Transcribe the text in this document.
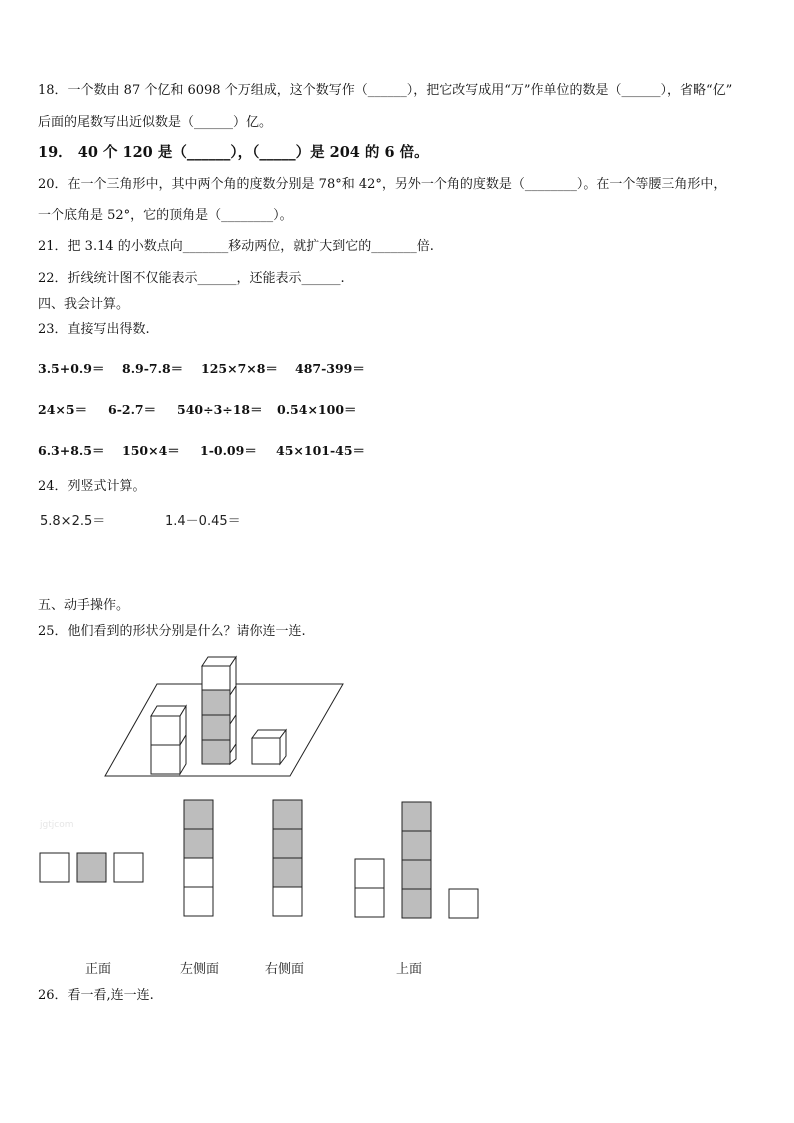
18．一个数由 87 个亿和 6098 个万组成，这个数写作（______），把它改写成用“万”作单位的数是（______），省略“亿”
后面的尾数写出近似数是（______）亿。
19． 40 个 120 是（______），（_____）是 204 的 6 倍。
20．在一个三角形中，其中两个角的度数分别是 78°和 42°，另外一个角的度数是（________）。在一个等腰三角形中，
一个底角是 52°，它的顶角是（________）。
21．把 3.14 的小数点向_______移动两位，就扩大到它的_______倍.
22．折线统计图不仅能表示______，还能表示______.
四、我会计算。
23．直接写出得数.
3.5+0.9＝ 8.9-7.8＝ 125×7×8＝ 487-399＝
24×5＝ 6-2.7＝ 540÷3÷18＝ 0.54×100＝
6.3+8.5＝ 150×4＝ 1-0.09＝ 45×101-45＝
24．列竖式计算。
5.8×2.5＝	1.4－0.45＝
五、动手操作。
25．他们看到的形状分别是什么？请你连一连.
jgtjcom
正面	左侧面	右侧面	上面
26．看一看,连一连.
